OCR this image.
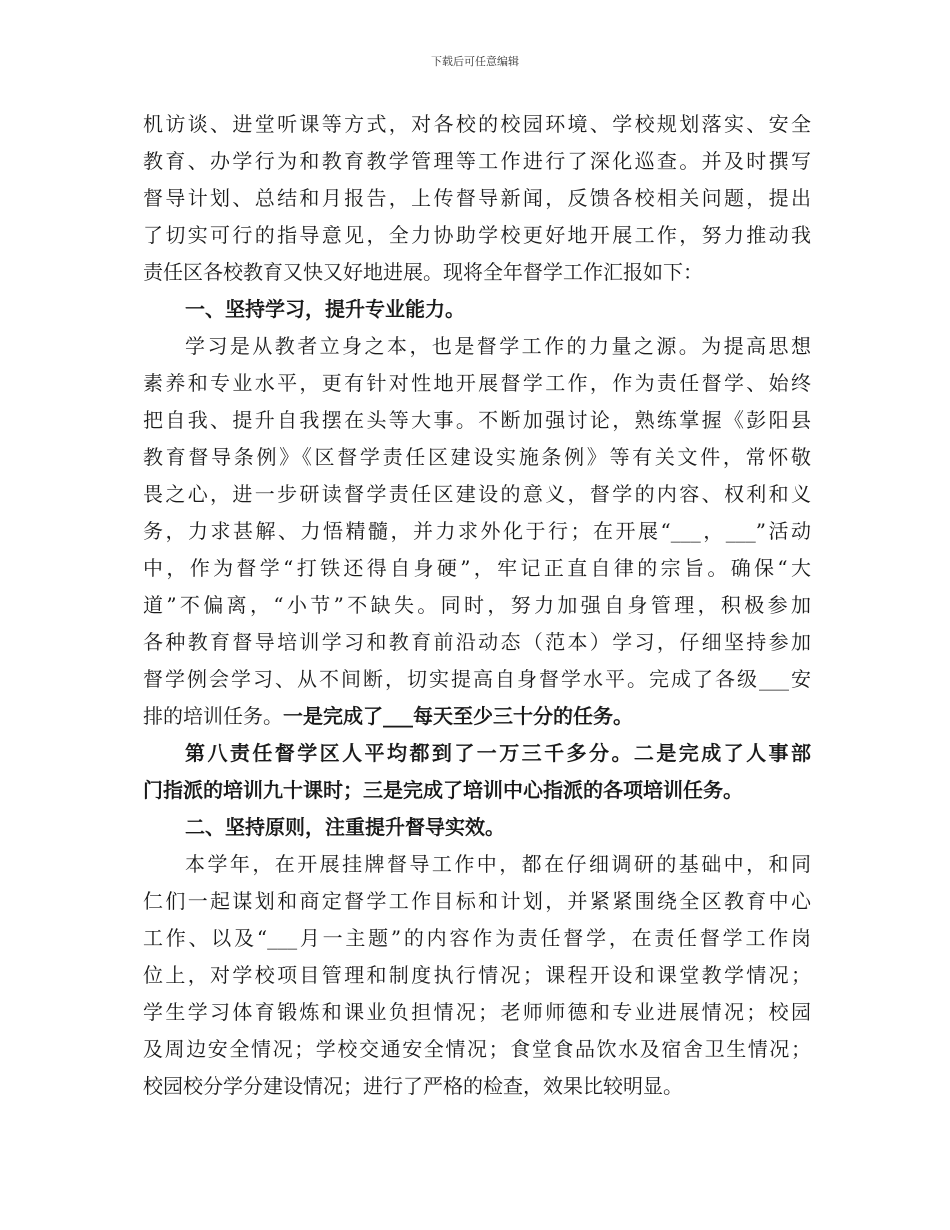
下载后可任意编辑
机访谈、进堂听课等方式，对各校的校园环境、学校规划落实、安全
教育、办学行为和教育教学管理等工作进行了深化巡查。并及时撰写
督导计划、总结和月报告，上传督导新闻，反馈各校相关问题，提出
了切实可行的指导意见，全力协助学校更好地开展工作，努力推动我
责任区各校教育又快又好地进展。现将全年督学工作汇报如下：
一、坚持学习，提升专业能力。
学习是从教者立身之本，也是督学工作的力量之源。为提高思想
素养和专业水平，更有针对性地开展督学工作，作为责任督学、始终
把自我、提升自我摆在头等大事。不断加强讨论，熟练掌握《彭阳县
教育督导条例》《区督学责任区建设实施条例》等有关文件，常怀敬
畏之心，进一步研读督学责任区建设的意义，督学的内容、权利和义
务，力求甚解、力悟精髓，并力求外化于行；在开展“___，___”活动
中，作为督学“打铁还得自身硬”，牢记正直自律的宗旨。确保“大
道”不偏离，“小节”不缺失。同时，努力加强自身管理，积极参加
各种教育督导培训学习和教育前沿动态（范本）学习，仔细坚持参加
督学例会学习、从不间断，切实提高自身督学水平。完成了各级___安
排的培训任务。一是完成了___每天至少三十分的任务。
第八责任督学区人平均都到了一万三千多分。二是完成了人事部
门指派的培训九十课时；三是完成了培训中心指派的各项培训任务。
二、坚持原则，注重提升督导实效。
本学年，在开展挂牌督导工作中，都在仔细调研的基础中，和同
仁们一起谋划和商定督学工作目标和计划，并紧紧围绕全区教育中心
工作、以及“___月一主题”的内容作为责任督学，在责任督学工作岗
位上，对学校项目管理和制度执行情况；课程开设和课堂教学情况；
学生学习体育锻炼和课业负担情况；老师师德和专业进展情况；校园
及周边安全情况；学校交通安全情况；食堂食品饮水及宿舍卫生情况；
校园校分学分建设情况；进行了严格的检查，效果比较明显。
